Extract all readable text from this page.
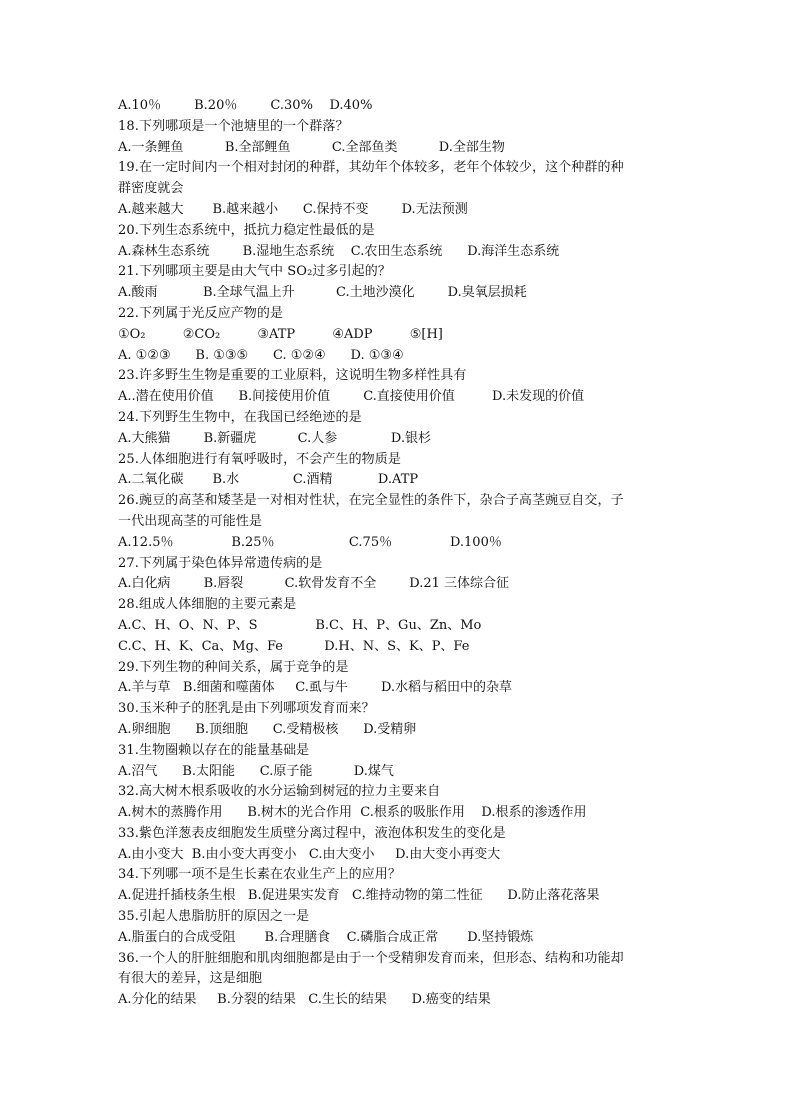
A.10％        B.20％        C.30%    D.40%
18.下列哪项是一个池塘里的一个群落？
A.一条鲤鱼          B.全部鲤鱼          C.全部鱼类          D.全部生物
19.在一定时间内一个相对封闭的种群，其幼年个体较多，老年个体较少，这个种群的种
群密度就会
A.越来越大       B.越来越小      C.保持不变        D.无法预测
20.下列生态系统中，抵抗力稳定性最低的是
A.森林生态系统        B.湿地生态系统    C.农田生态系统      D.海洋生态系统
21.下列哪项主要是由大气中 SO₂过多引起的？
A.酸雨           B.全球气温上升          C.土地沙漠化        D.臭氧层损耗
22.下列属于光反应产物的是
①O₂         ②CO₂         ③ATP         ④ADP         ⑤[H]
A. ①②③      B. ①③⑤      C. ①②④      D. ①③④
23.许多野生生物是重要的工业原料，这说明生物多样性具有
A..潜在使用价值      B.间接使用价值        C.直接使用价值         D.未发现的价值
24.下列野生生物中，在我国已经绝迹的是
A.大熊猫        B.新疆虎          C.人参             D.银杉
25.人体细胞进行有氧呼吸时，不会产生的物质是
A.二氧化碳       B.水             C.酒精           D.ATP
26.豌豆的高茎和矮茎是一对相对性状，在完全显性的条件下，杂合子高茎豌豆自交，子
一代出现高茎的可能性是
A.12.5％              B.25％                  C.75％              D.100％
27.下列属于染色体异常遗传病的是
A.白化病        B.唇裂          C.软骨发育不全        D.21 三体综合征
28.组成人体细胞的主要元素是
A.C、H、O、N、P、S              B.C、H、P、Gu、Zn、Mo
C.C、H、K、Ca、Mg、Fe          D.H、N、S、K、P、Fe
29.下列生物的种间关系，属于竞争的是
A.羊与草   B.细菌和噬菌体     C.虱与牛        D.水稻与稻田中的杂草
30.玉米种子的胚乳是由下列哪项发育而来？
A.卵细胞      B.顶细胞      C.受精极核      D.受精卵
31.生物圈赖以存在的能量基础是
A.沼气      B.太阳能      C.原子能          D.煤气
32.高大树木根系吸收的水分运输到树冠的拉力主要来自
A.树木的蒸腾作用      B.树木的光合作用  C.根系的吸胀作用    D.根系的渗透作用
33.紫色洋葱表皮细胞发生质壁分离过程中，液泡体积发生的变化是
A.由小变大  B.由小变大再变小   C.由大变小     D.由大变小再变大
34.下列哪一项不是生长素在农业生产上的应用？
A.促进扦插枝条生根   B.促进果实发育   C.维持动物的第二性征      D.防止落花落果
35.引起人患脂肪肝的原因之一是
A.脂蛋白的合成受阻       B.合理膳食    C.磷脂合成正常       D.坚持锻炼
36.一个人的肝脏细胞和肌肉细胞都是由于一个受精卵发育而来，但形态、结构和功能却
有很大的差异，这是细胞
A.分化的结果     B.分裂的结果   C.生长的结果      D.癌变的结果
